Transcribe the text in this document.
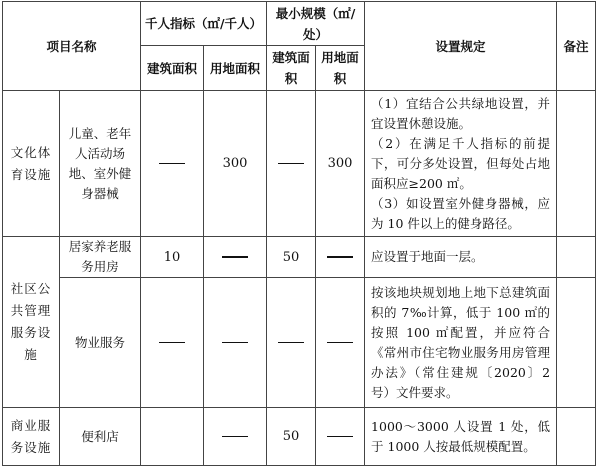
项目名称		千人指标（㎡/千人）		最小规模（㎡/处）		设置规定	备注
		建筑面积	用地面积	建筑面积	用地面积		
文化体育设施	儿童、老年人活动场地、室外健身器械		300		300	（1）宜结合公共绿地设置，并宜设置休憩设施。
（2）在满足千人指标的前提下，可分多处设置，但每处占地面积应≥200 ㎡。
（3）如设置室外健身器械，应为 10 件以上的健身路径。	

社区公共管理服务设施	居家养老服务用房	10		50		应设置于地面一层。	
	物业服务					按该地块规划地上地下总建筑面积的 7‰计算，低于 100 ㎡的按照 100 ㎡配置，并应符合《常州市住宅物业服务用房管理办法》（常住建规〔2020〕2 号）文件要求。	
商业服务设施	便利店			50		1000～3000 人设置 1 处，低于 1000 人按最低规模配置。	
